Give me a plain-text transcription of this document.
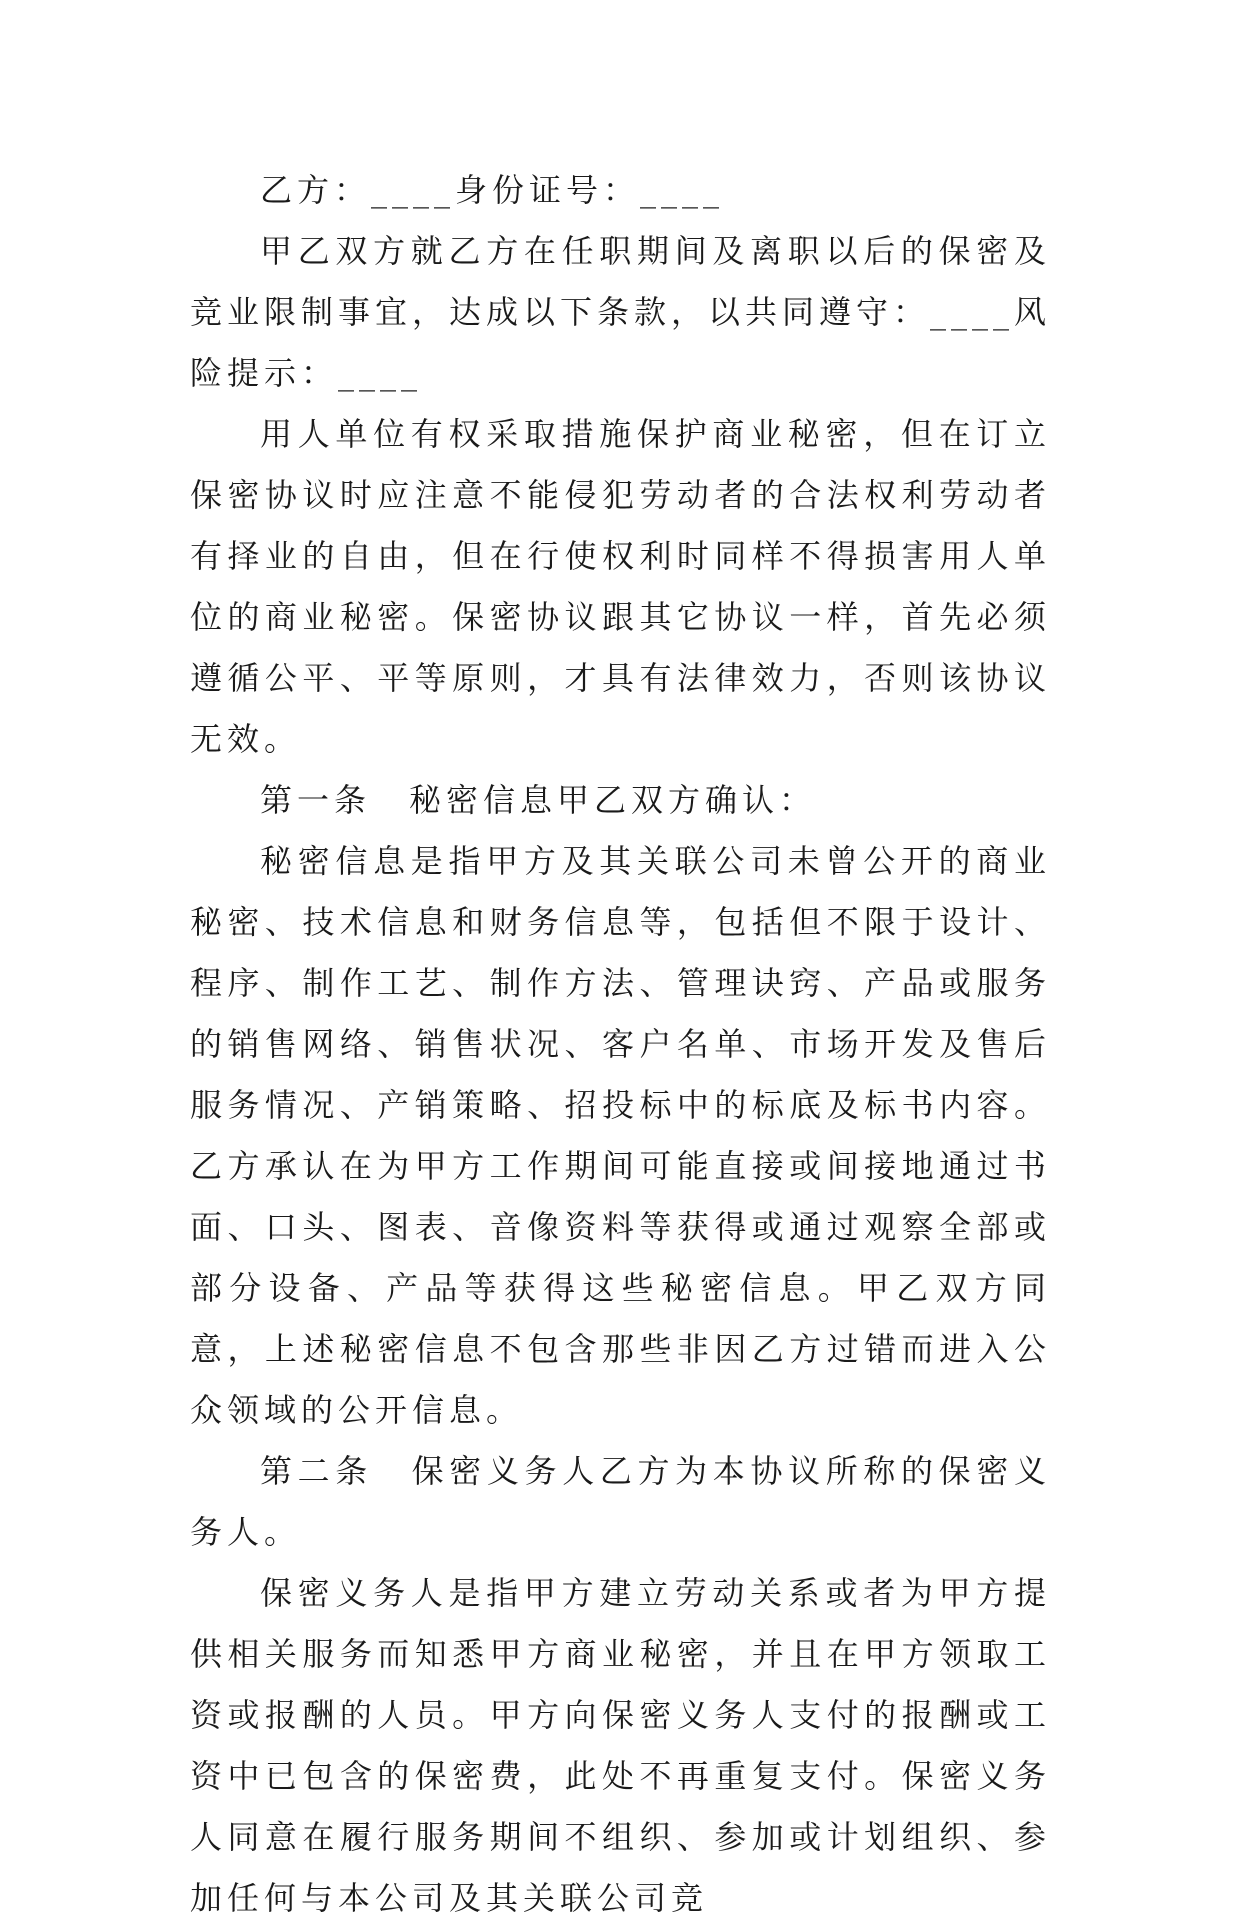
乙方：____身份证号：____

甲乙双方就乙方在任职期间及离职以后的保密及竞业限制事宜，达成以下条款，以共同遵守：____风险提示：____

用人单位有权采取措施保护商业秘密，但在订立保密协议时应注意不能侵犯劳动者的合法权利劳动者有择业的自由，但在行使权利时同样不得损害用人单位的商业秘密。保密协议跟其它协议一样，首先必须遵循公平、平等原则，才具有法律效力，否则该协议无效。

第一条 秘密信息甲乙双方确认：

秘密信息是指甲方及其关联公司未曾公开的商业秘密、技术信息和财务信息等，包括但不限于设计、程序、制作工艺、制作方法、管理诀窍、产品或服务的销售网络、销售状况、客户名单、市场开发及售后服务情况、产销策略、招投标中的标底及标书内容。乙方承认在为甲方工作期间可能直接或间接地通过书面、口头、图表、音像资料等获得或通过观察全部或部分设备、产品等获得这些秘密信息。甲乙双方同意，上述秘密信息不包含那些非因乙方过错而进入公众领域的公开信息。

第二条 保密义务人乙方为本协议所称的保密义务人。

保密义务人是指甲方建立劳动关系或者为甲方提供相关服务而知悉甲方商业秘密，并且在甲方领取工资或报酬的人员。甲方向保密义务人支付的报酬或工资中已包含的保密费，此处不再重复支付。保密义务人同意在履行服务期间不组织、参加或计划组织、参加任何与本公司及其关联公司竞
